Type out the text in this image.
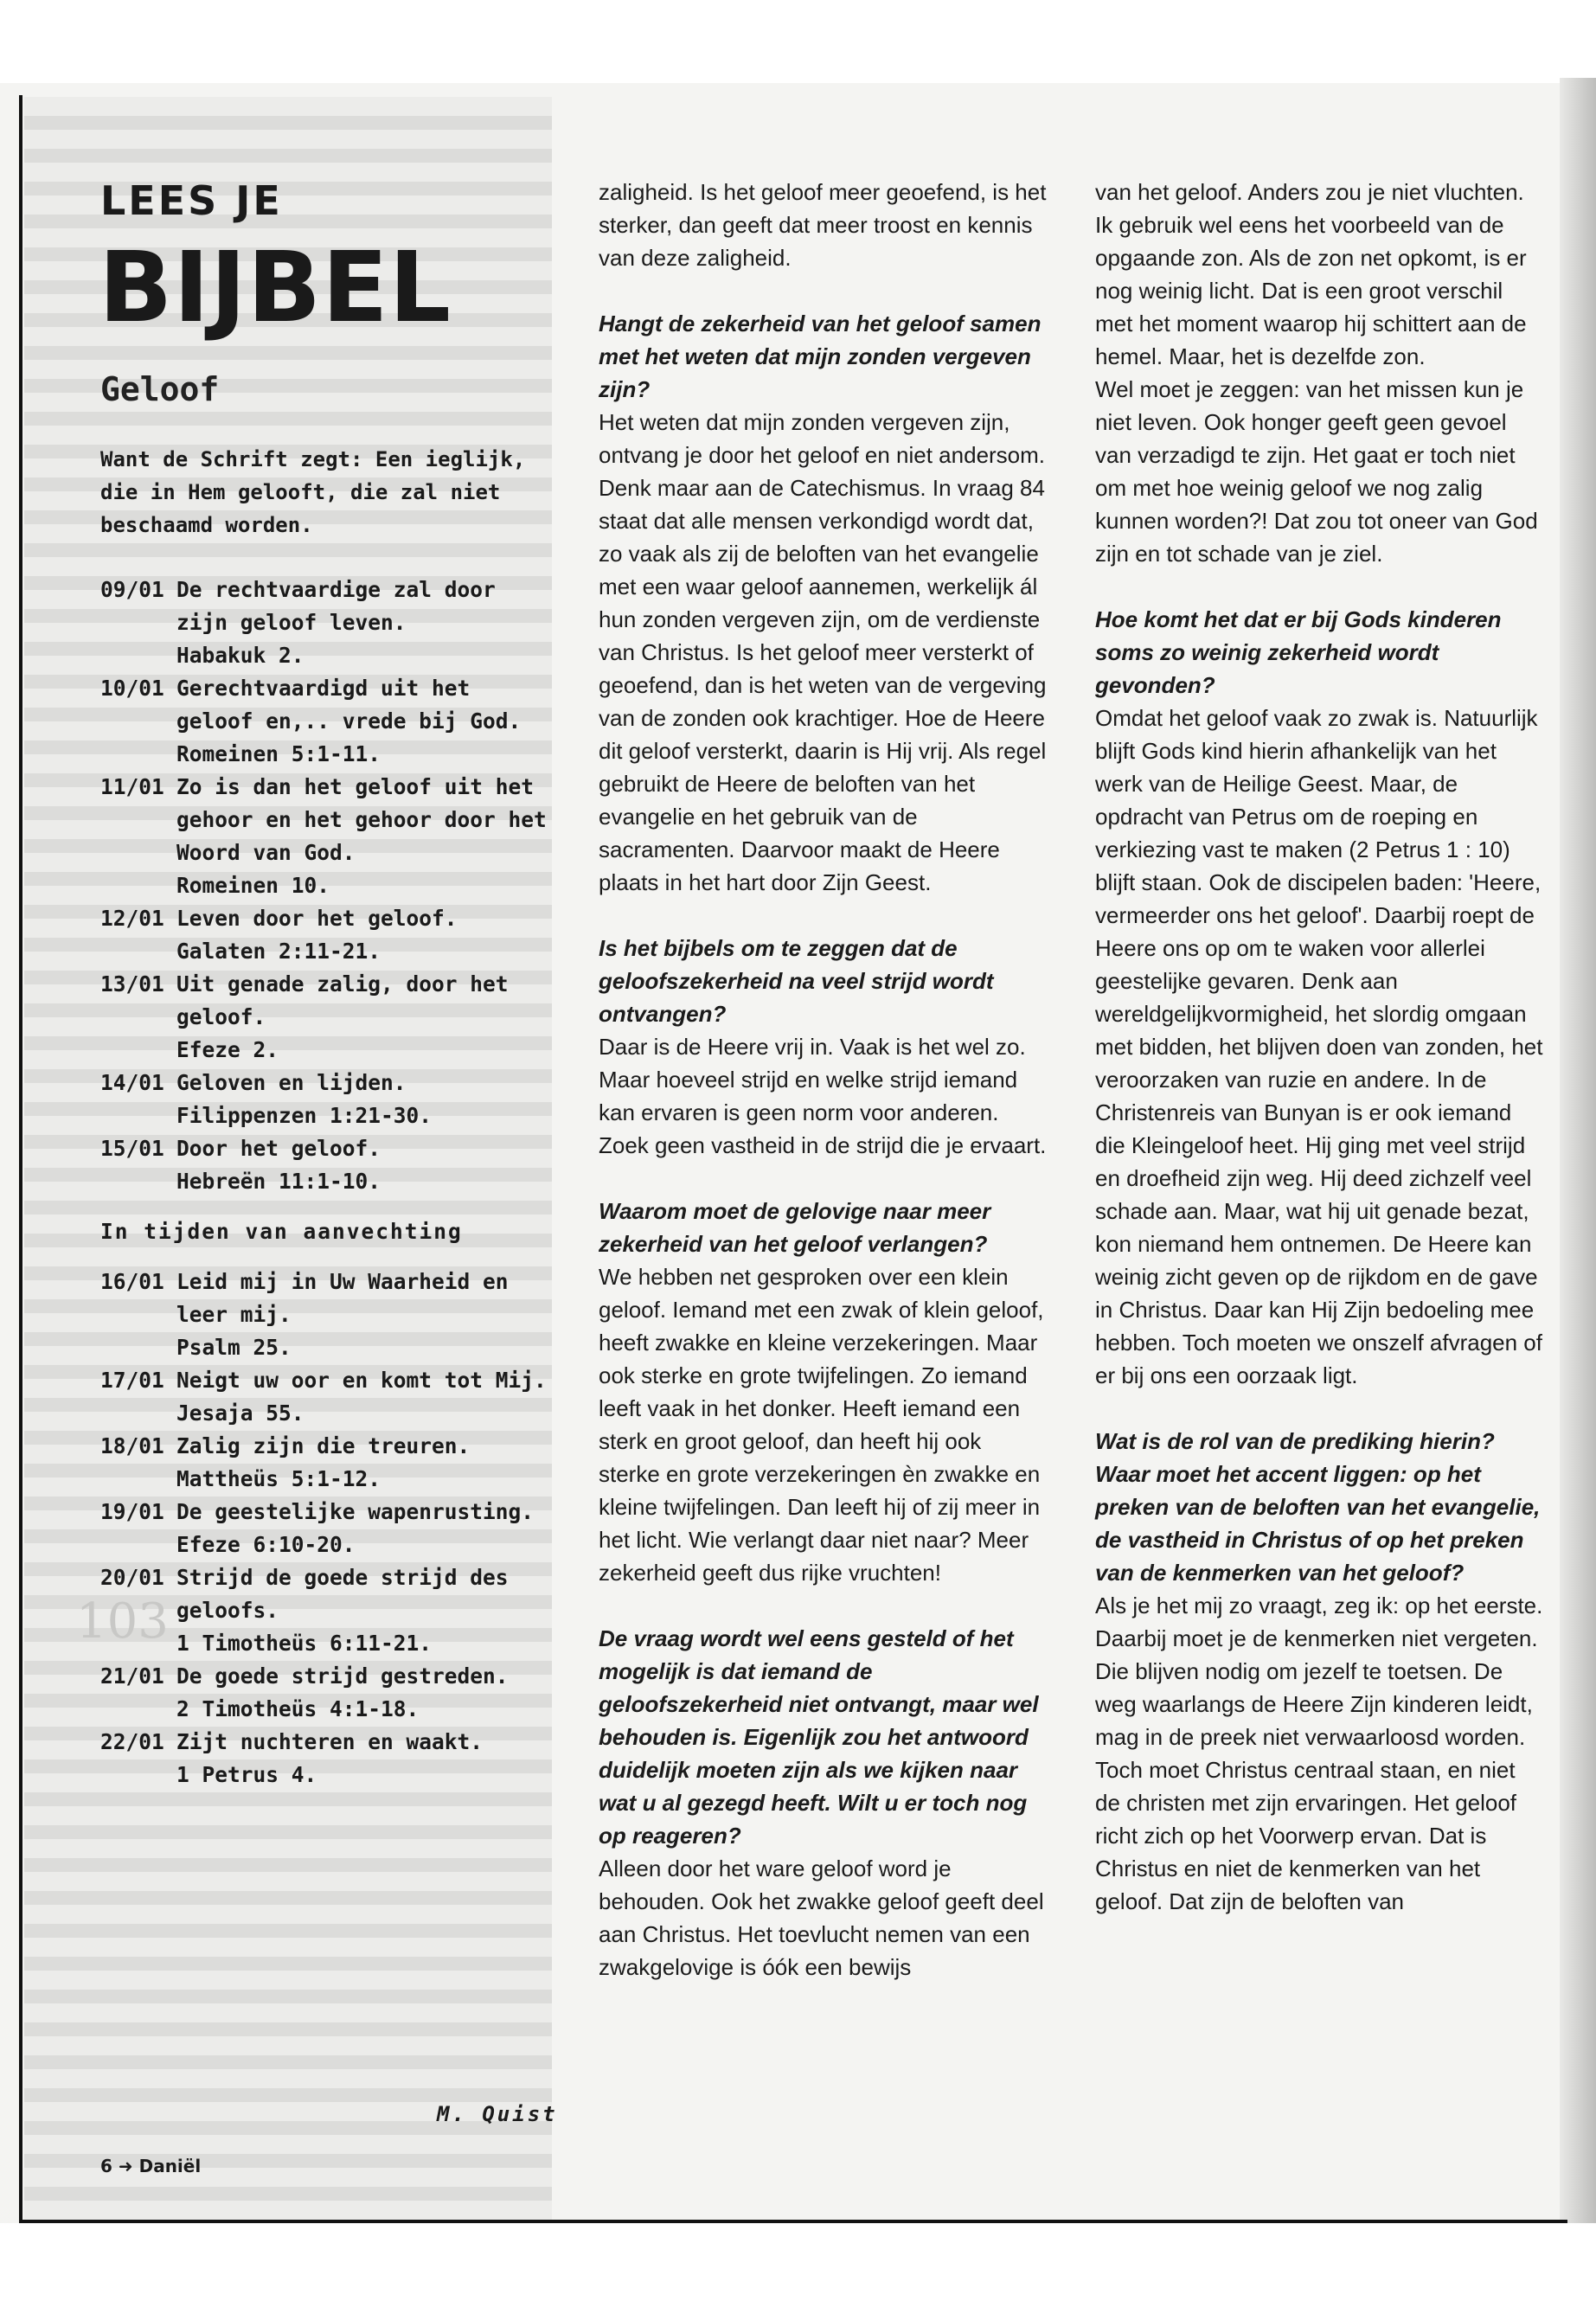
103
LEES JE
BIJBEL
Geloof
Want de Schrift zegt: Een ieglijk, die in Hem gelooft, die zal niet beschaamd worden.
09/01 De rechtvaardige zal door zijn geloof leven.
Habakuk 2.
10/01 Gerechtvaardigd uit het geloof en,.. vrede bij God.
Romeinen 5:1-11.
11/01 Zo is dan het geloof uit het gehoor en het gehoor door het Woord van God.
Romeinen 10.
12/01 Leven door het geloof.
Galaten 2:11-21.
13/01 Uit genade zalig, door het geloof.
Efeze 2.
14/01 Geloven en lijden.
Filippenzen 1:21-30.
15/01 Door het geloof.
Hebreën 11:1-10.
In tijden van aanvechting
16/01 Leid mij in Uw Waarheid en leer mij.
Psalm 25.
17/01 Neigt uw oor en komt tot Mij.
Jesaja 55.
18/01 Zalig zijn die treuren.
Mattheüs 5:1-12.
19/01 De geestelijke wapenrusting.
Efeze 6:10-20.
20/01 Strijd de goede strijd des geloofs.
1 Timotheüs 6:11-21.
21/01 De goede strijd gestreden.
2 Timotheüs 4:1-18.
22/01 Zijt nuchteren en waakt.
1 Petrus 4.
M. Quist
6 ➜ Daniël

zaligheid. Is het geloof meer geoefend, is het sterker, dan geeft dat meer troost en kennis van deze zaligheid.

Hangt de zekerheid van het geloof samen met het weten dat mijn zonden vergeven zijn?

Het weten dat mijn zonden vergeven zijn, ontvang je door het geloof en niet andersom. Denk maar aan de Catechismus. In vraag 84 staat dat alle mensen verkondigd wordt dat, zo vaak als zij de beloften van het evangelie met een waar geloof aannemen, werkelijk ál hun zonden vergeven zijn, om de verdienste van Christus. Is het geloof meer versterkt of geoefend, dan is het weten van de vergeving van de zonden ook krachtiger. Hoe de Heere dit geloof versterkt, daarin is Hij vrij. Als regel gebruikt de Heere de beloften van het evangelie en het gebruik van de sacramenten. Daarvoor maakt de Heere plaats in het hart door Zijn Geest.

Is het bijbels om te zeggen dat de geloofszekerheid na veel strijd wordt ontvangen?

Daar is de Heere vrij in. Vaak is het wel zo. Maar hoeveel strijd en welke strijd iemand kan ervaren is geen norm voor anderen. Zoek geen vastheid in de strijd die je ervaart.

Waarom moet de gelovige naar meer zekerheid van het geloof verlangen?

We hebben net gesproken over een klein geloof. Iemand met een zwak of klein geloof, heeft zwakke en kleine verzekeringen. Maar ook sterke en grote twijfelingen. Zo iemand leeft vaak in het donker. Heeft iemand een sterk en groot geloof, dan heeft hij ook sterke en grote verzekeringen èn zwakke en kleine twijfelingen. Dan leeft hij of zij meer in het licht. Wie verlangt daar niet naar? Meer zekerheid geeft dus rijke vruchten!

De vraag wordt wel eens gesteld of het mogelijk is dat iemand de geloofszekerheid niet ontvangt, maar wel behouden is. Eigenlijk zou het antwoord duidelijk moeten zijn als we kijken naar wat u al gezegd heeft. Wilt u er toch nog op reageren?

Alleen door het ware geloof word je behouden. Ook het zwakke geloof geeft deel aan Christus. Het toevlucht nemen van een zwakgelovige is óók een bewijs

van het geloof. Anders zou je niet vluchten. Ik gebruik wel eens het voorbeeld van de opgaande zon. Als de zon net opkomt, is er nog weinig licht. Dat is een groot verschil met het moment waarop hij schittert aan de hemel. Maar, het is dezelfde zon.

Wel moet je zeggen: van het missen kun je niet leven. Ook honger geeft geen gevoel van verzadigd te zijn. Het gaat er toch niet om met hoe weinig geloof we nog zalig kunnen worden?! Dat zou tot oneer van God zijn en tot schade van je ziel.

Hoe komt het dat er bij Gods kinderen soms zo weinig zekerheid wordt gevonden?

Omdat het geloof vaak zo zwak is. Natuurlijk blijft Gods kind hierin afhankelijk van het werk van de Heilige Geest. Maar, de opdracht van Petrus om de roeping en verkiezing vast te maken (2 Petrus 1 : 10) blijft staan. Ook de discipelen baden: 'Heere, vermeerder ons het geloof'. Daarbij roept de Heere ons op om te waken voor allerlei geestelijke gevaren. Denk aan wereldgelijkvormigheid, het slordig omgaan met bidden, het blijven doen van zonden, het veroorzaken van ruzie en andere. In de Christenreis van Bunyan is er ook iemand die Kleingeloof heet. Hij ging met veel strijd en droefheid zijn weg. Hij deed zichzelf veel schade aan. Maar, wat hij uit genade bezat, kon niemand hem ontnemen. De Heere kan weinig zicht geven op de rijkdom en de gave in Christus. Daar kan Hij Zijn bedoeling mee hebben. Toch moeten we onszelf afvragen of er bij ons een oorzaak ligt.

Wat is de rol van de prediking hierin? Waar moet het accent liggen: op het preken van de beloften van het evangelie, de vastheid in Christus of op het preken van de kenmerken van het geloof?

Als je het mij zo vraagt, zeg ik: op het eerste. Daarbij moet je de kenmerken niet vergeten. Die blijven nodig om jezelf te toetsen. De weg waarlangs de Heere Zijn kinderen leidt, mag in de preek niet verwaarloosd worden.

Toch moet Christus centraal staan, en niet de christen met zijn ervaringen. Het geloof richt zich op het Voorwerp ervan. Dat is Christus en niet de kenmerken van het geloof. Dat zijn de beloften van
